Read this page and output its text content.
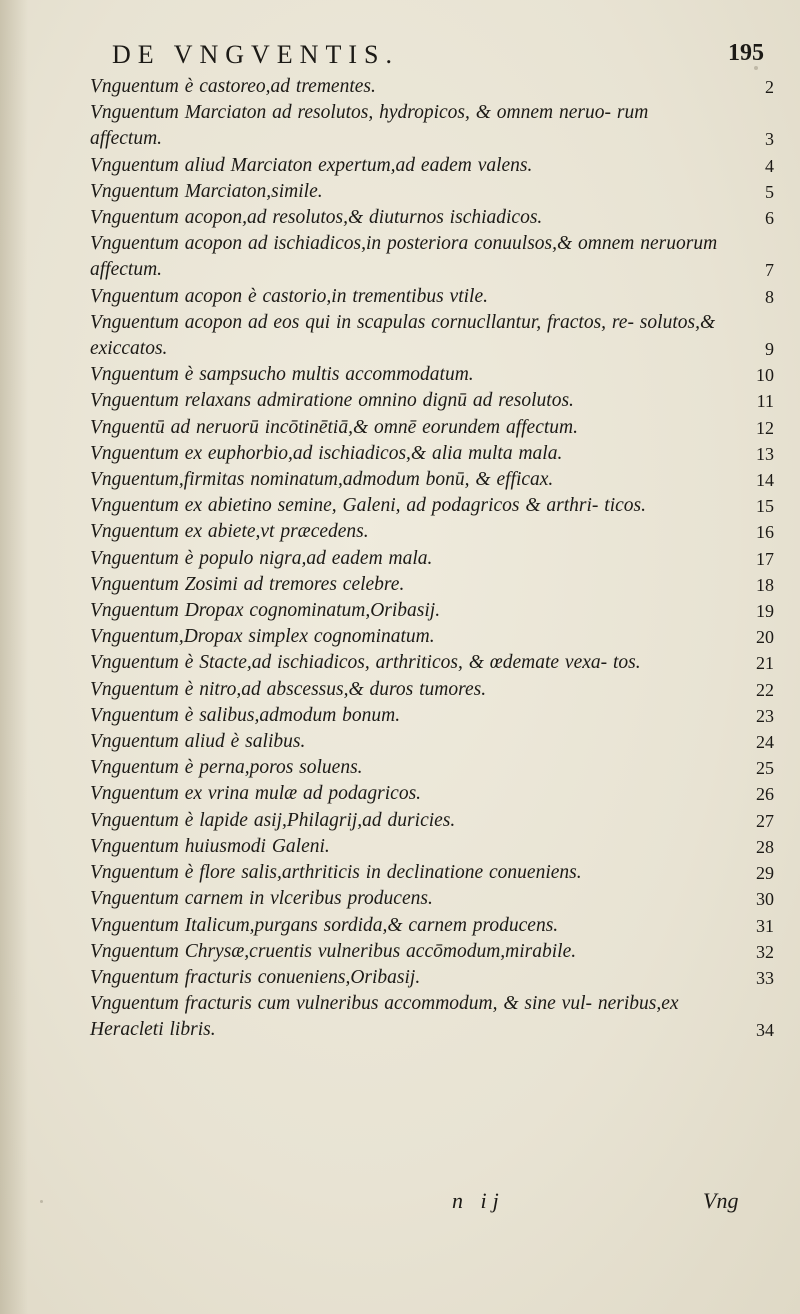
DE VNGVENTIS.	195
Vnguentum è castoreo,ad trementes.	2
Vnguentum Marciaton ad resolutos, hydropicos, & omnem neruo- rum affectum.	3
Vnguentum aliud Marciaton expertum,ad eadem valens.	4
Vnguentum Marciaton,simile.	5
Vnguentum acopon,ad resolutos,& diuturnos ischiadicos.	6
Vnguentum acopon ad ischiadicos,in posteriora conuulsos,& omnem neruorum affectum.	7
Vnguentum acopon è castorio,in trementibus vtile.	8
Vnguentum acopon ad eos qui in scapulas cornucllantur, fractos, re- solutos,& exiccatos.	9
Vnguentum è sampsucho multis accommodatum.	10
Vnguentum relaxans admiratione omnino dignū ad resolutos.	11
Vnguentū ad neruorū incōtinētiā,& omnē eorundem affectum.	12
Vnguentum ex euphorbio,ad ischiadicos,& alia multa mala.	13
Vnguentum,firmitas nominatum,admodum bonū, & efficax.	14
Vnguentum ex abietino semine, Galeni, ad podagricos & arthri- ticos.	15
Vnguentum ex abiete,vt præcedens.	16
Vnguentum è populo nigra,ad eadem mala.	17
Vnguentum Zosimi ad tremores celebre.	18
Vnguentum Dropax cognominatum,Oribasij.	19
Vnguentum,Dropax simplex cognominatum.	20
Vnguentum è Stacte,ad ischiadicos, arthriticos, & œdemate vexa- tos.	21
Vnguentum è nitro,ad abscessus,& duros tumores.	22
Vnguentum è salibus,admodum bonum.	23
Vnguentum aliud è salibus.	24
Vnguentum è perna,poros soluens.	25
Vnguentum ex vrina mulæ ad podagricos.	26
Vnguentum è lapide asij,Philagrij,ad duricies.	27
Vnguentum huiusmodi Galeni.	28
Vnguentum è flore salis,arthriticis in declinatione conueniens.	29
Vnguentum carnem in vlceribus producens.	30
Vnguentum Italicum,purgans sordida,& carnem producens.	31
Vnguentum Chrysæ,cruentis vulneribus accōmodum,mirabile.	32
Vnguentum fracturis conueniens,Oribasij.	33
Vnguentum fracturis cum vulneribus accommodum, & sine vul- neribus,ex Heracleti libris.	34
n ij	Vng
